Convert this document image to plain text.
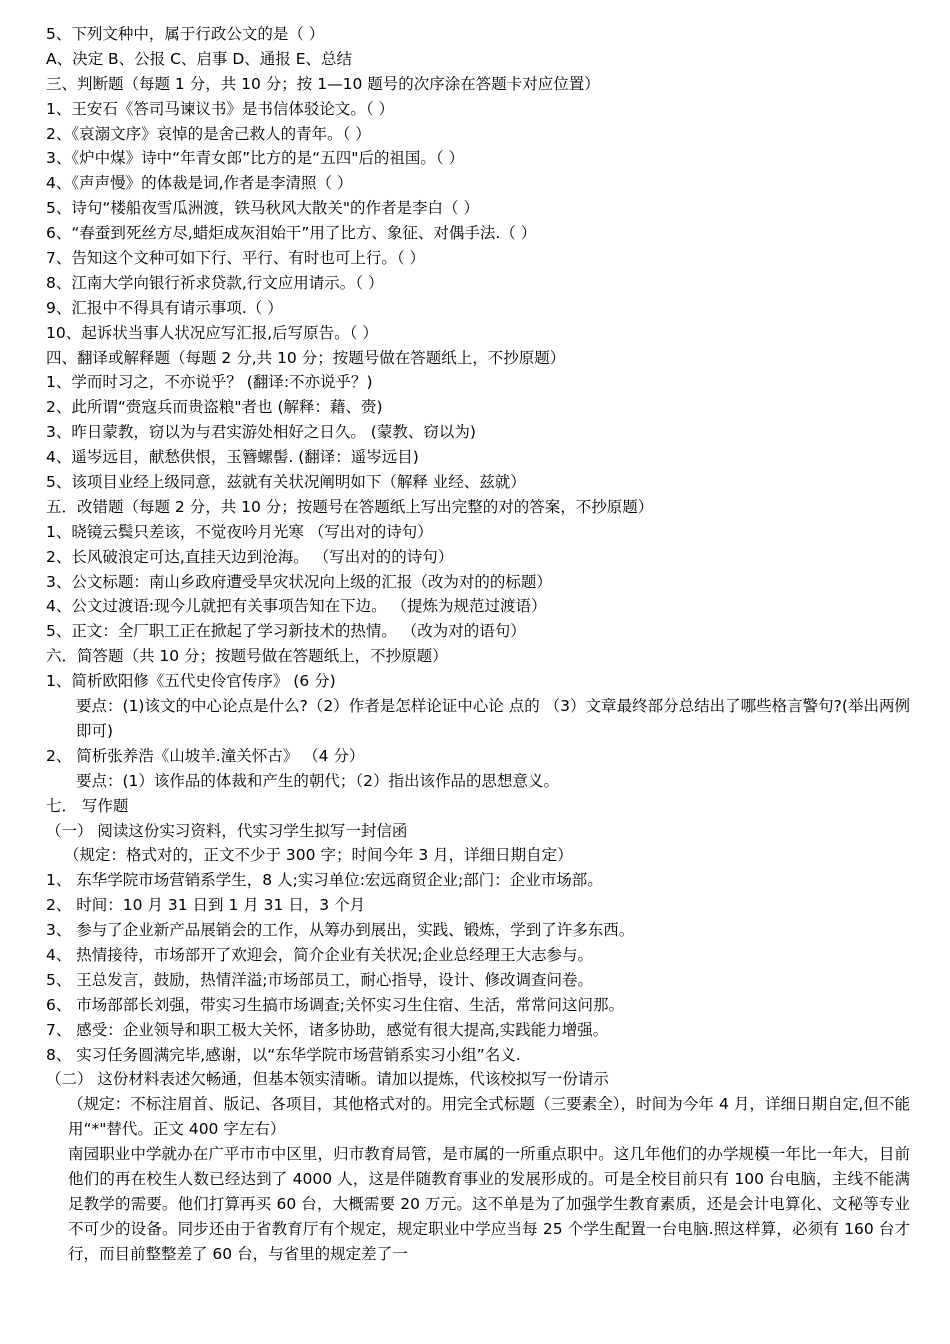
5、下列文种中，属于行政公文的是（ ）
A、决定 B、公报 C、启事 D、通报 E、总结
三、判断题（每题 1 分，共 10 分；按 1—10 题号的次序涂在答题卡对应位置）
1、王安石《答司马谏议书》是书信体驳论文。（ ）
2、《哀溺文序》哀悼的是舍己救人的青年。（ ）
3、《炉中煤》诗中“年青女郎”比方的是“五四"后的祖国。（ ）
4、《声声慢》的体裁是词,作者是李清照（ ）
5、诗句“楼船夜雪瓜洲渡，铁马秋风大散关"的作者是李白（ ）
6、“春蚕到死丝方尽,蜡炬成灰泪始干”用了比方、象征、对偶手法.（ ）
7、告知这个文种可如下行、平行、有时也可上行。（ ）
8、江南大学向银行祈求贷款,行文应用请示。（ ）
9、汇报中不得具有请示事项.（ ）
10、起诉状当事人状况应写汇报,后写原告。（ ）
四、翻译或解释题（每题 2 分,共 10 分；按题号做在答题纸上，不抄原题）
1、学而时习之，不亦说乎？ (翻译:不亦说乎？)
2、此所谓“赍寇兵而贵盗粮"者也 (解释：藉、赍)
3、昨日蒙教，窃以为与君实游处相好之日久。 (蒙教、窃以为)
4、遥岑远目，献愁供恨，玉簪螺髻. (翻译：遥岑远目)
5、该项目业经上级同意，兹就有关状况阐明如下（解释 业经、兹就）
五．改错题（每题 2 分，共 10 分；按题号在答题纸上写出完整的对的答案，不抄原题）
1、晓镜云鬓只差该，不觉夜吟月光寒 （写出对的诗句）
2、长风破浪定可达,直挂天边到沧海。 （写出对的的诗句）
3、公文标题：南山乡政府遭受旱灾状况向上级的汇报（改为对的的标题）
4、公文过渡语:现今儿就把有关事项告知在下边。 （提炼为规范过渡语）
5、正文：全厂职工正在掀起了学习新技术的热情。 （改为对的语句）
六．简答题（共 10 分；按题号做在答题纸上，不抄原题）
1、简析欧阳修《五代史伶官传序》 (6 分)
要点：(1)该文的中心论点是什么?（2）作者是怎样论证中心论 点的 （3）文章最终部分总结出了哪些格言警句?(举出两例即可)
2、 简析张养浩《山坡羊.潼关怀古》 （4 分）
要点：(1）该作品的体裁和产生的朝代；（2）指出该作品的思想意义。
七． 写作题
（一） 阅读这份实习资料，代实习学生拟写一封信函
（规定：格式对的，正文不少于 300 字；时间今年 3 月，详细日期自定）
1、 东华学院市场营销系学生，8 人;实习单位:宏远商贸企业;部门：企业市场部。
2、 时间：10 月 31 日到 1 月 31 日，3 个月
3、 参与了企业新产品展销会的工作，从筹办到展出，实践、锻炼，学到了许多东西。
4、 热情接待，市场部开了欢迎会，简介企业有关状况;企业总经理王大志参与。
5、 王总发言，鼓励，热情洋溢;市场部员工，耐心指导，设计、修改调查问卷。
6、 市场部部长刘强，带实习生搞市场调查;关怀实习生住宿、生活，常常问这问那。
7、 感受：企业领导和职工极大关怀，诸多协助，感觉有很大提高,实践能力增强。
8、 实习任务圆满完毕,感谢，以“东华学院市场营销系实习小组”名义.
（二） 这份材料表述欠畅通，但基本领实清晰。请加以提炼，代该校拟写一份请示
（规定：不标注眉首、版记、各项目，其他格式对的。用完全式标题（三要素全），时间为今年 4 月，详细日期自定,但不能用“*"替代。正文 400 字左右）
南园职业中学就办在广平市市中区里，归市教育局管，是市属的一所重点职中。这几年他们的办学规模一年比一年大，目前他们的再在校生人数已经达到了 4000 人，这是伴随教育事业的发展形成的。可是全校目前只有 100 台电脑，主线不能满足教学的需要。他们打算再买 60 台，大概需要 20 万元。这不单是为了加强学生教育素质，还是会计电算化、文秘等专业不可少的设备。同步还由于省教育厅有个规定，规定职业中学应当每 25 个学生配置一台电脑.照这样算，必须有 160 台才行，而目前整整差了 60 台，与省里的规定差了一
